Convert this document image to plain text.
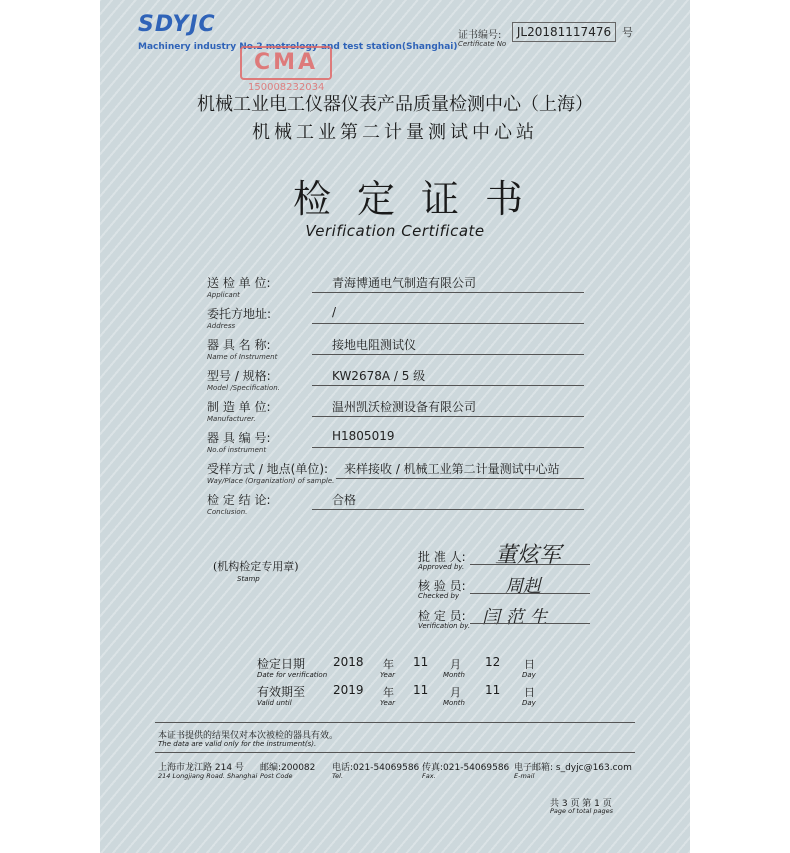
SDYJC
Machinery industry No.2 metrology and test station(Shanghai)
CMA
150008232034
证书编号:
Certificate No
JL20181117476 号
机械工业电工仪器仪表产品质量检测中心（上海）
机械工业第二计量测试中心站
检定证书
Verification Certificate
送 检 单 位:
Applicant
青海博通电气制造有限公司
委托方地址:
Address
/
器 具 名 称:
Name of Instrument
接地电阻测试仪
型号 / 规格:
Model /Specification.
KW2678A / 5 级
制 造 单 位:
Manufacturer.
温州凯沃检测设备有限公司
器 具 编 号:
No.of instrument
H1805019
受样方式 / 地点(单位):
Way/Place (Organization) of sample.
来样接收 / 机械工业第二计量测试中心站
检 定 结 论:
Conclusion.
合格
(机构检定专用章)
Stamp
批 准 人:
Approved by. 董炫军
核 验 员:
Checked by	周赳
检 定 员:
Verification by. 闫 范 生
检定日期
Date for verification
2018 年
Year
11 月
Month
12 日
Day
有效期至
Valid until
2019 年
Year
11 月
Month
11 日
Day
本证书提供的结果仅对本次被检的器具有效。
The data are valid only for the instrument(s).
上海市龙江路 214 号
214 Longjiang Road. Shanghai
邮编:200082
Post Code
电话:021-54069586
Tel.
传真:021-54069586
Fax.
电子邮箱: s_dyjc@163.com
E-mail
共 3 页 第 1 页
Page of total pages
